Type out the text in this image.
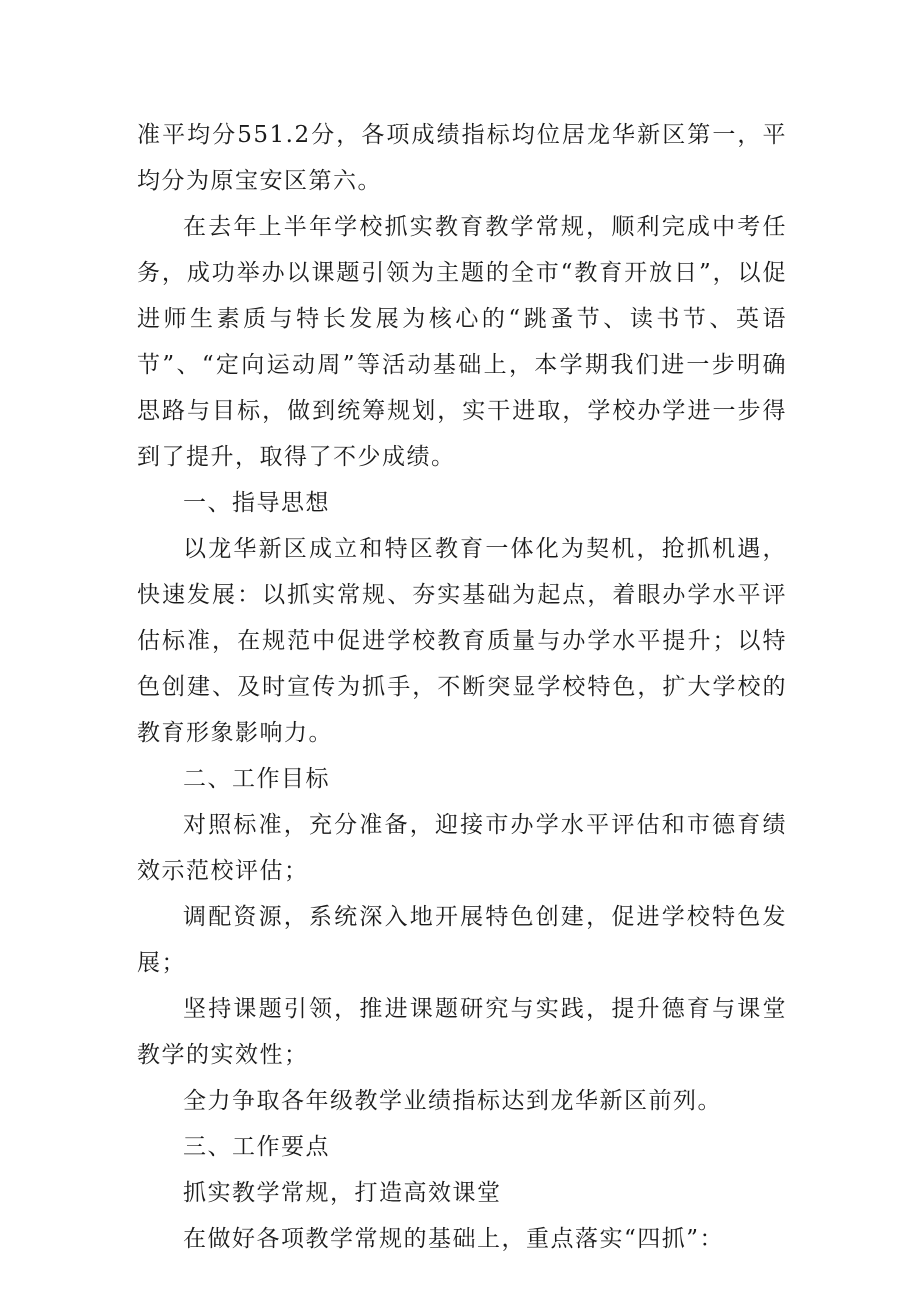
准平均分551.2分，各项成绩指标均位居龙华新区第一，平均分为原宝安区第六。

在去年上半年学校抓实教育教学常规，顺利完成中考任务，成功举办以课题引领为主题的全市“教育开放日”，以促进师生素质与特长发展为核心的“跳蚤节、读书节、英语节”、“定向运动周”等活动基础上，本学期我们进一步明确思路与目标，做到统筹规划，实干进取，学校办学进一步得到了提升，取得了不少成绩。

一、指导思想

以龙华新区成立和特区教育一体化为契机，抢抓机遇，快速发展：以抓实常规、夯实基础为起点，着眼办学水平评估标准，在规范中促进学校教育质量与办学水平提升；以特色创建、及时宣传为抓手，不断突显学校特色，扩大学校的教育形象影响力。

二、工作目标

对照标准，充分准备，迎接市办学水平评估和市德育绩效示范校评估；

调配资源，系统深入地开展特色创建，促进学校特色发展；

坚持课题引领，推进课题研究与实践，提升德育与课堂教学的实效性；

全力争取各年级教学业绩指标达到龙华新区前列。

三、工作要点

抓实教学常规，打造高效课堂

在做好各项教学常规的基础上，重点落实“四抓”：
